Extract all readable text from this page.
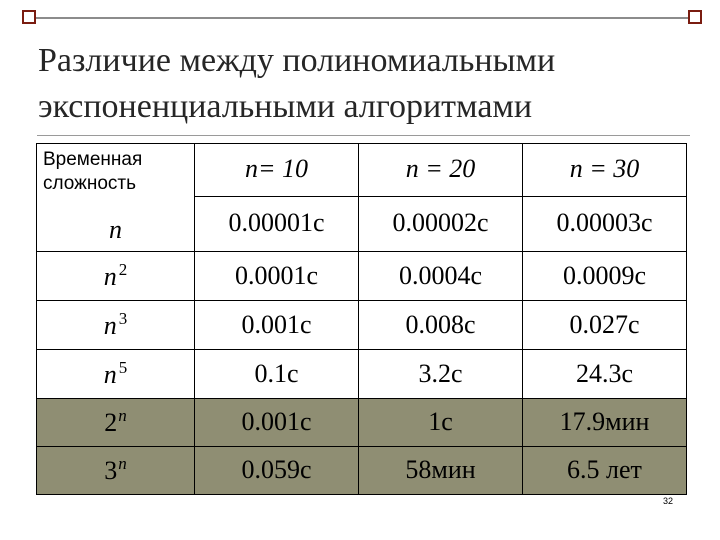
Различие между полиномиальными
экспоненциальными алгоритмами
Временная сложность	n= 10	n = 20	n = 30
n	0.00001c	0.00002c	0.00003c
n $^2$	0.0001c	0.0004c	0.0009c
n $^3$	0.001c	0.008c	0.027c
n $^5$	0.1c	3.2c	24.3c
2$^n$	0.001c	1c	17.9мин
3$^n$	0.059c	58мин	6.5 лет
32
